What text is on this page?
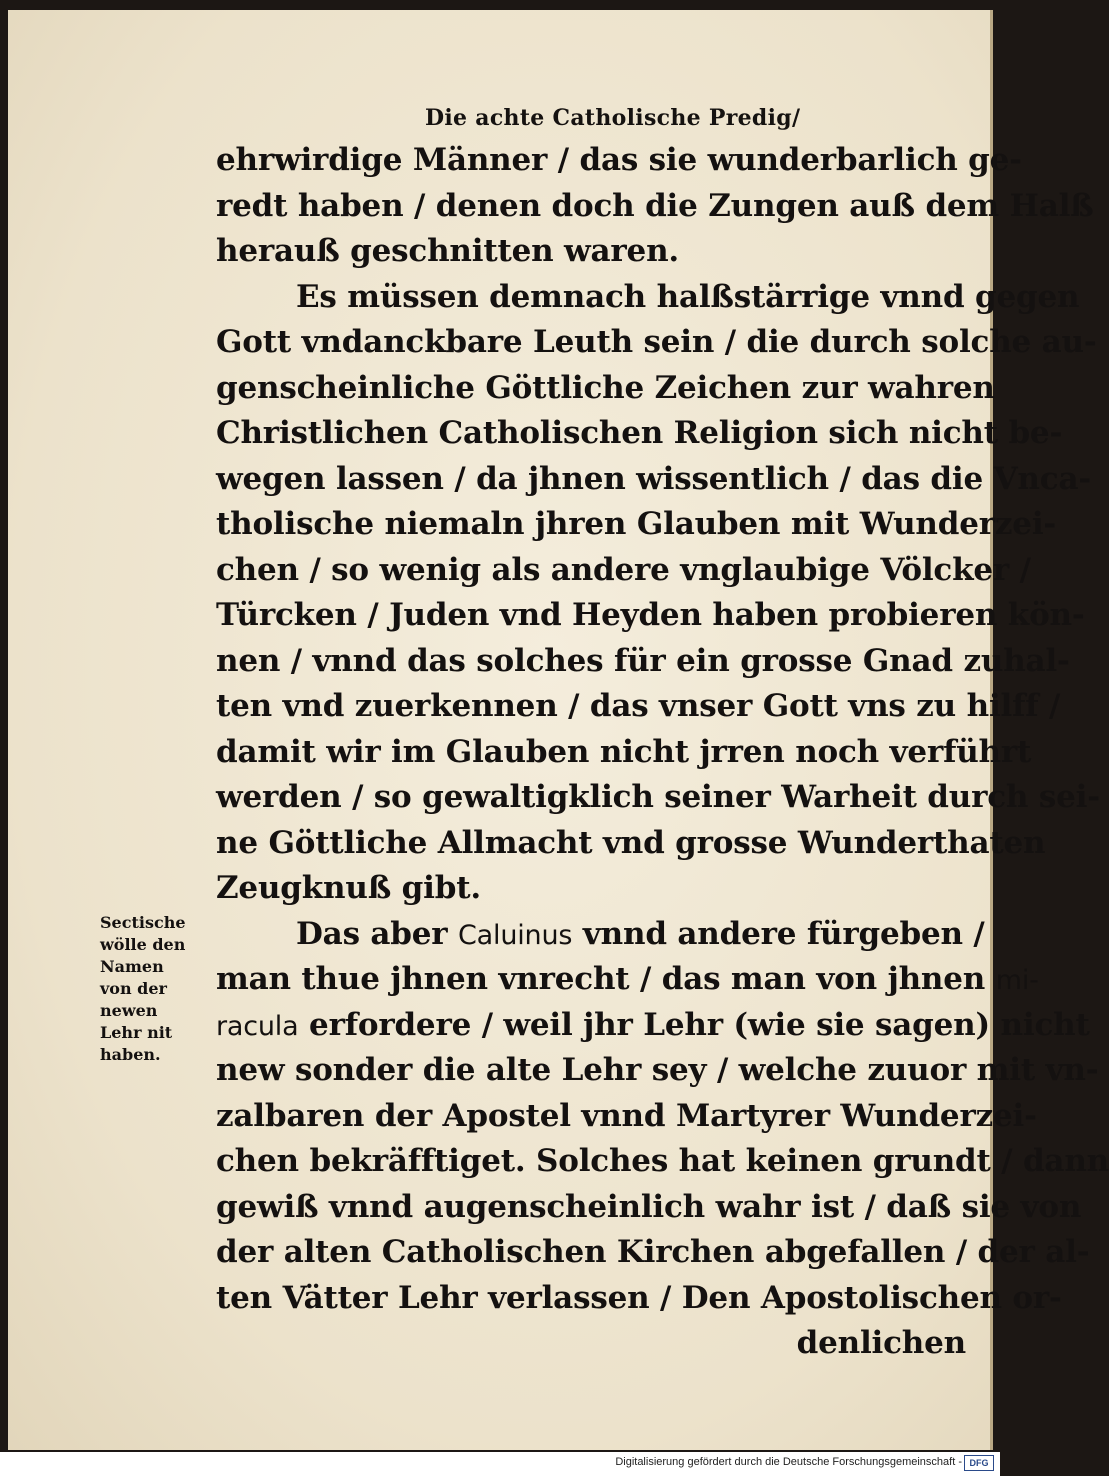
Die achte Catholische Predig/
ehrwirdige Männer / das sie wunderbarlich ge-
redt haben / denen doch die Zungen auß dem Halß
herauß geschnitten waren.
Es müssen demnach halßstärrige vnnd gegen
Gott vndanckbare Leuth sein / die durch solche au-
genscheinliche Göttliche Zeichen zur wahren
Christlichen Catholischen Religion sich nicht be-
wegen lassen / da jhnen wissentlich / das die Vnca-
tholische niemaln jhren Glauben mit Wunderzei-
chen / so wenig als andere vnglaubige Völcker /
Türcken / Juden vnd Heyden haben probieren kön-
nen / vnnd das solches für ein grosse Gnad zuhal-
ten vnd zuerkennen / das vnser Gott vns zu hilff /
damit wir im Glauben nicht jrren noch verführt
werden / so gewaltigklich seiner Warheit durch sei-
ne Göttliche Allmacht vnd grosse Wunderthaten
Zeugknuß gibt.
Das aber Caluinus vnnd andere fürgeben /
man thue jhnen vnrecht / das man von jhnen mi-
racula erfordere / weil jhr Lehr (wie sie sagen) nicht
new sonder die alte Lehr sey / welche zuuor mit vn-
zalbaren der Apostel vnnd Martyrer Wunderzei-
chen bekräfftiget. Solches hat keinen grundt / dann
gewiß vnnd augenscheinlich wahr ist / daß sie von
der alten Catholischen Kirchen abgefallen / der al-
ten Vätter Lehr verlassen / Den Apostolischen or-
denlichen
Sectische
wölle den
Namen
von der
newen
Lehr nit
haben.
Digitalisierung gefördert durch die Deutsche Forschungsgemeinschaft - DFG
